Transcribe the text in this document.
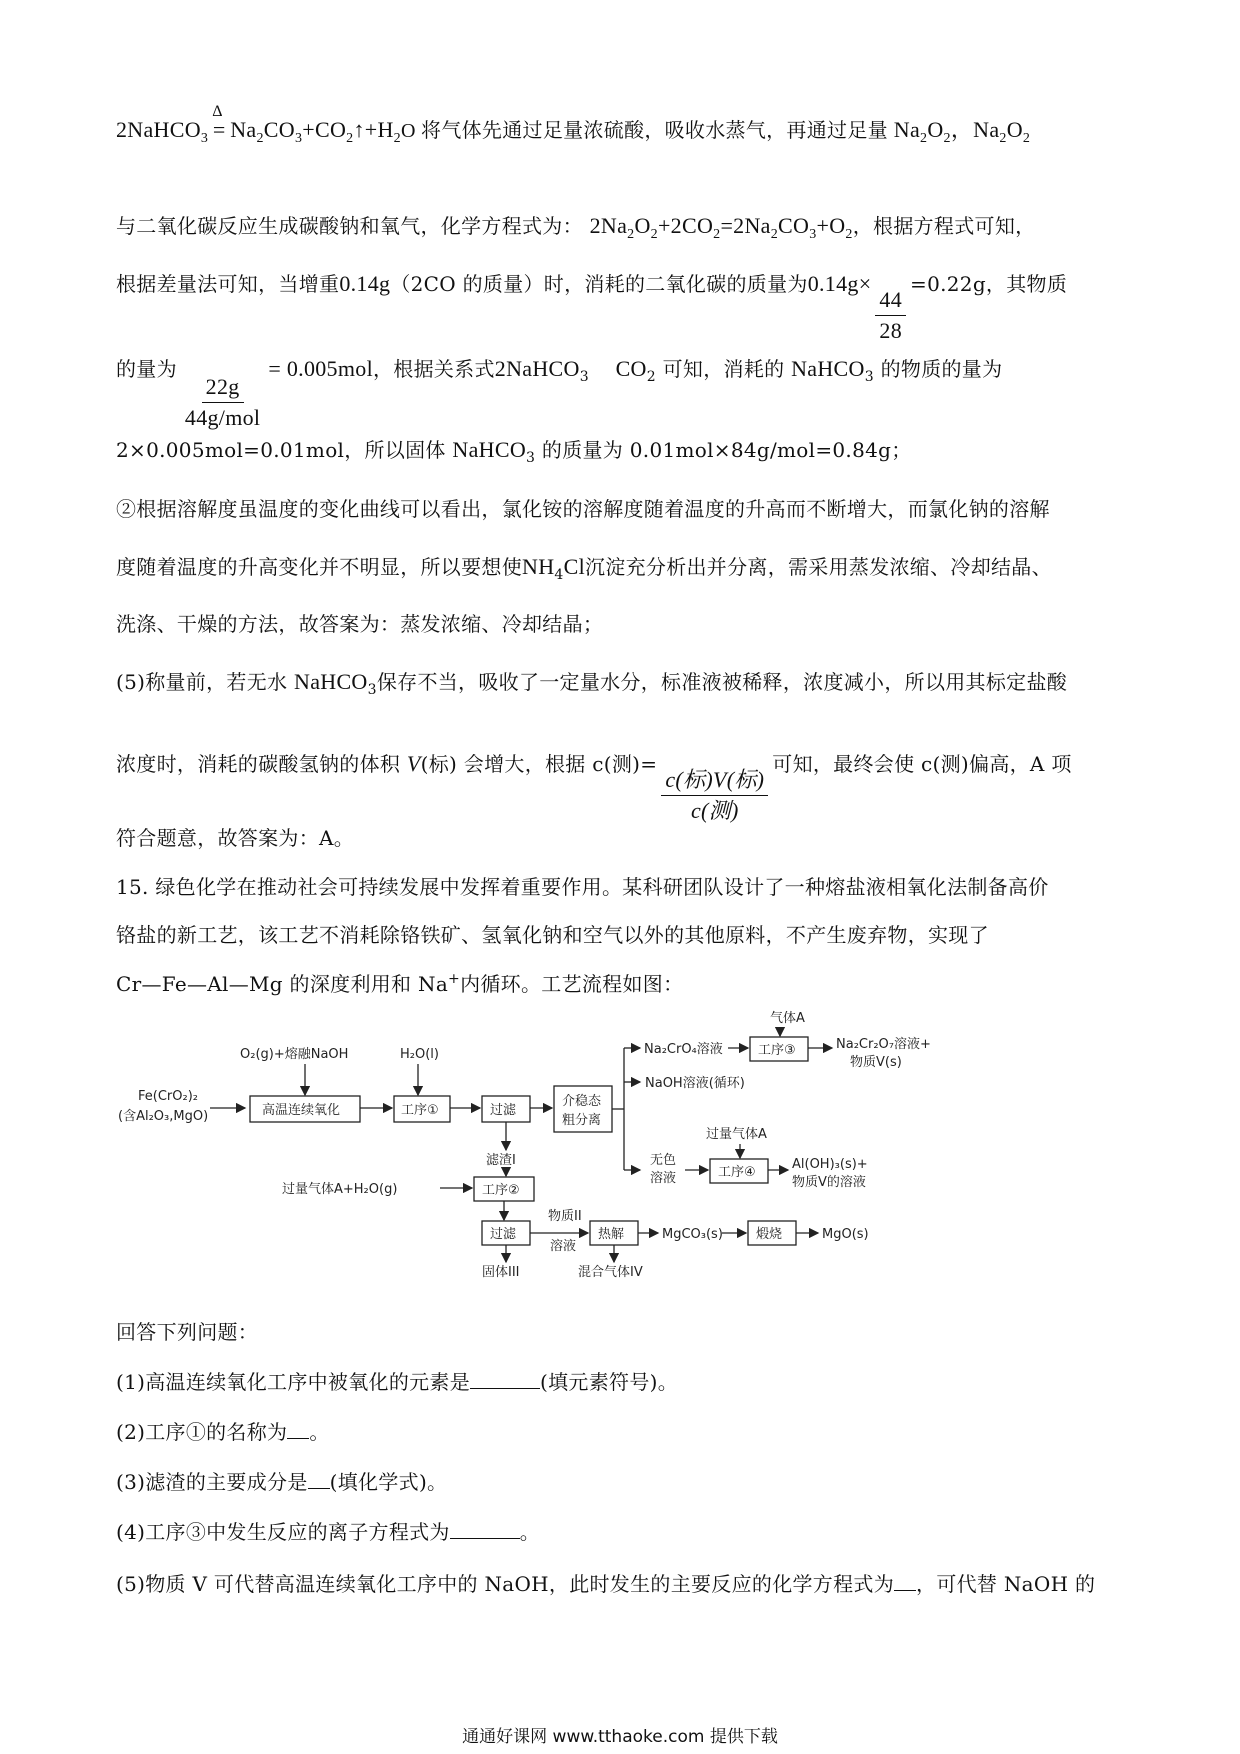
2NaHCO$_3$
Δ
= $Na_2CO_3+CO_2↑+H_2O$ 将气体先通过足量浓硫酸，吸收水蒸气，再通过足量 $Na_2O_2$，$Na_2O_2$
与二氧化碳反应生成碳酸钠和氧气，化学方程式为： $2Na_2O_2+2CO_2=2Na_2CO_3+O_2$，根据方程式可知，
根据差量法可知，当增重0.14g（2CO 的质量）时，消耗的二氧化碳的质量为0.14g×
$\frac{44}{28}$
=0.22g，其物质
的量为
$\frac{22g}{\text{44g/mol}}$
= 0.005mol，根据关系式2NaHCO$_3$ $CO_2$ 可知，消耗的 NaHCO$_3$ 的物质的量为
2×0.005mol=0.01mol，所以固体 NaHCO$_3$ 的质量为 0.01mol×84g/mol=0.84g；
②根据溶解度虽温度的变化曲线可以看出，氯化铵的溶解度随着温度的升高而不断增大，而氯化钠的溶解
度随着温度的升高变化并不明显，所以要想使$NH_4Cl$沉淀充分析出并分离，需采用蒸发浓缩、冷却结晶、
洗涤、干燥的方法，故答案为：蒸发浓缩、冷却结晶；
(5)称量前，若无水 NaHCO$_3$保存不当，吸收了一定量水分，标准液被稀释，浓度减小，所以用其标定盐酸
浓度时，消耗的碳酸氢钠的体积 V(标) 会增大，根据 c(测)=
$\frac{\text{c(标)V(标)}}{\text{c(测)}}$
可知，最终会使 c(测)偏高，A 项
符合题意，故答案为：A。
15. 绿色化学在推动社会可持续发展中发挥着重要作用。某科研团队设计了一种熔盐液相氧化法制备高价
铬盐的新工艺，该工艺不消耗除铬铁矿、氢氧化钠和空气以外的其他原料，不产生废弃物，实现了
Cr—Fe—Al—Mg 的深度利用和 Na+内循环。工艺流程如图：
Fe(CrO₂)₂
(含Al₂O₃,MgO)
O₂(g)+熔融NaOH
高温连续氧化
H₂O(l)
工序①	过滤
介稳态
粗分离
Na₂CrO₄溶液
NaOH溶液(循环)
气体A
工序③	Na₂Cr₂O₇溶液+
物质V(s)
过量气体A
无色
溶液	工序④
Al(OH)₃(s)+
物质V的溶液
滤渣I
过量气体A+H₂O(g)	工序②
过滤
固体III
物质II
溶液
热解
混合气体IV
MgCO₃(s)	煅烧	MgO(s)
回答下列问题：
(1)高温连续氧化工序中被氧化的元素是	(填元素符号)。
(2)工序①的名称为 。
(3)滤渣的主要成分是 (填化学式)。
(4)工序③中发生反应的离子方程式为	。
(5)物质 V 可代替高温连续氧化工序中的 NaOH，此时发生的主要反应的化学方程式为 ，可代替 NaOH 的
通通好课网 www.tthaoke.com 提供下载
